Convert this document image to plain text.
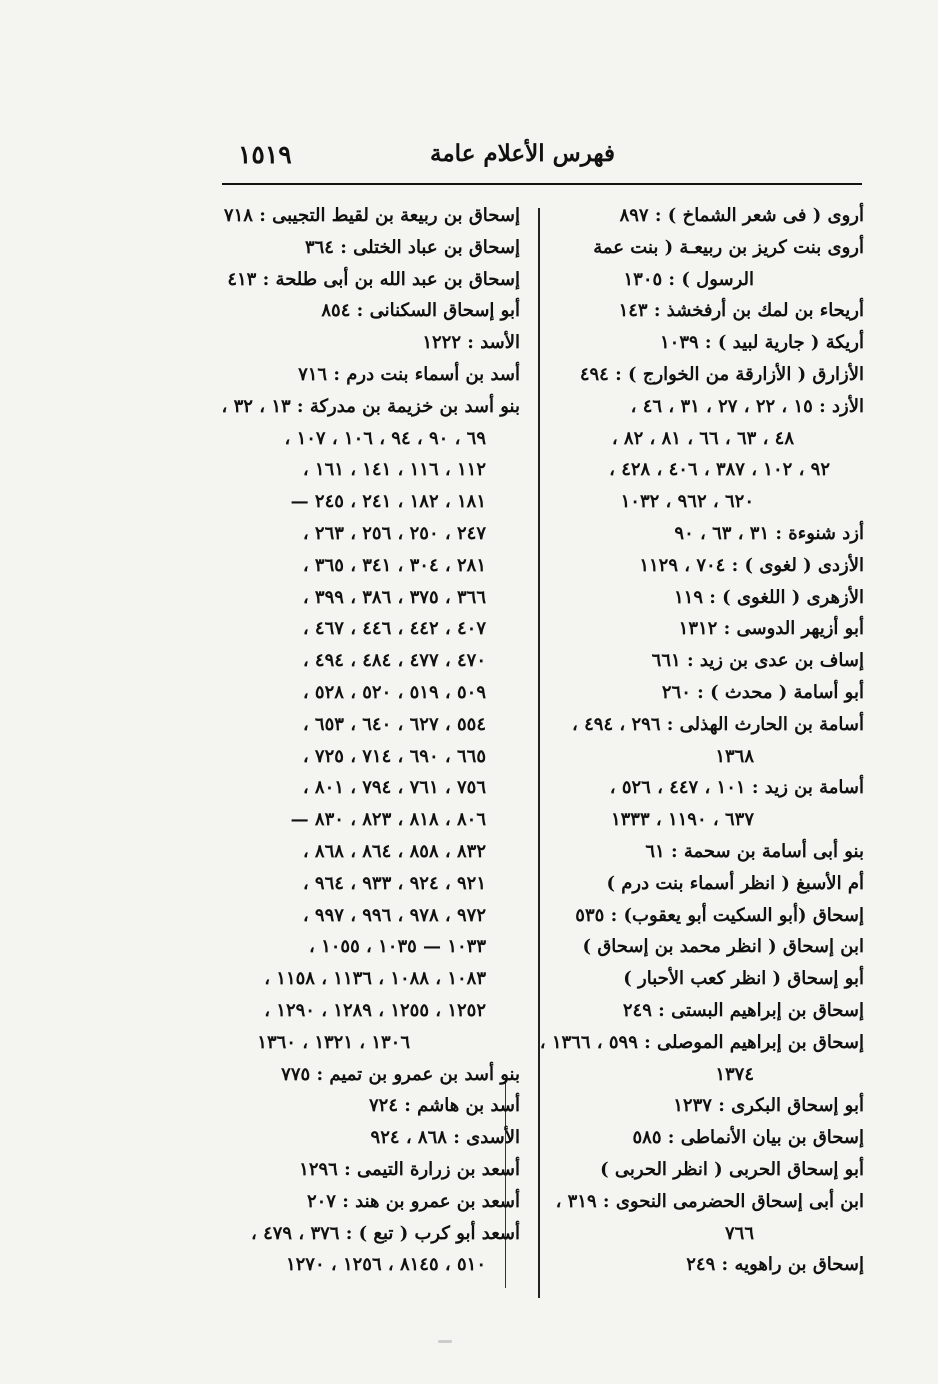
فهرس الأعلام عامة
١٥١٩
أروى ( فى شعر الشماخ ) : ٨٩٧
أروى بنت كريز بن ربيعـة ( بنت عمة
الرسول ) : ١٣٠٥
أريحاء بن لمك بن أرفخشذ : ١٤٣
أريكة ( جارية لبيد ) : ١٠٣٩
الأزارق ( الأزارقة من الخوارج ) : ٤٩٤
الأزد : ١٥ ، ٢٢ ، ٢٧ ، ٣١ ، ٤٦ ،
٤٨ ، ٦٣ ، ٦٦ ، ٨١ ، ٨٢ ،
٩٢ ، ١٠٢ ، ٣٨٧ ، ٤٠٦ ، ٤٢٨ ،
٦٢٠ ، ٩٦٢ ، ١٠٣٢
أزد شنوءة : ٣١ ، ٦٣ ، ٩٠
الأزدى ( لغوى ) : ٧٠٤ ، ١١٢٩
الأزهرى ( اللغوى ) : ١١٩
أبو أزيهر الدوسى : ١٣١٢
إساف بن عدى بن زيد : ٦٦١
أبو أسامة ( محدث ) : ٢٦٠
أسامة بن الحارث الهذلى : ٢٩٦ ، ٤٩٤ ،
١٣٦٨
أسامة بن زيد : ١٠١ ، ٤٤٧ ، ٥٢٦ ،
٦٣٧ ، ١١٩٠ ، ١٣٣٣
بنو أبى أسامة بن سحمة : ٦١
أم الأسبغ ( انظر أسماء بنت درم )
إسحاق (أبو السكيت أبو يعقوب) : ٥٣٥
ابن إسحاق ( انظر محمد بن إسحاق )
أبو إسحاق ( انظر كعب الأحبار )
إسحاق بن إبراهيم البستى : ٢٤٩
إسحاق بن إبراهيم الموصلى : ٥٩٩ ، ١٣٦٦ ،
١٣٧٤
أبو إسحاق البكرى : ١٢٣٧
إسحاق بن بيان الأنماطى : ٥٨٥
أبو إسحاق الحربى ( انظر الحربى )
ابن أبى إسحاق الحضرمى النحوى : ٣١٩ ،
٧٦٦
إسحاق بن راهويه : ٢٤٩
إسحاق بن ربيعة بن لقيط التجيبى : ٧١٨
إسحاق بن عباد الختلى : ٣٦٤
إسحاق بن عبد الله بن أبى طلحة : ٤١٣
أبو إسحاق السكنانى : ٨٥٤
الأسد : ١٢٢٢
أسد بن أسماء بنت درم : ٧١٦
بنو أسد بن خزيمة بن مدركة : ١٣ ، ٣٢ ،
٦٩ ، ٩٠ ، ٩٤ ، ١٠٦ ، ١٠٧ ،
١١٢ ، ١١٦ ، ١٤١ ، ١٦١ ،
١٨١ ، ١٨٢ ، ٢٤١ ، ٢٤٥ —
٢٤٧ ، ٢٥٠ ، ٢٥٦ ، ٢٦٣ ،
٢٨١ ، ٣٠٤ ، ٣٤١ ، ٣٦٥ ،
٣٦٦ ، ٣٧٥ ، ٣٨٦ ، ٣٩٩ ،
٤٠٧ ، ٤٤٢ ، ٤٤٦ ، ٤٦٧ ،
٤٧٠ ، ٤٧٧ ، ٤٨٤ ، ٤٩٤ ،
٥٠٩ ، ٥١٩ ، ٥٢٠ ، ٥٢٨ ،
٥٥٤ ، ٦٢٧ ، ٦٤٠ ، ٦٥٣ ،
٦٦٥ ، ٦٩٠ ، ٧١٤ ، ٧٢٥ ،
٧٥٦ ، ٧٦١ ، ٧٩٤ ، ٨٠١ ،
٨٠٦ ، ٨١٨ ، ٨٢٣ ، ٨٣٠ —
٨٣٢ ، ٨٥٨ ، ٨٦٤ ، ٨٦٨ ،
٩٢١ ، ٩٢٤ ، ٩٣٣ ، ٩٦٤ ،
٩٧٢ ، ٩٧٨ ، ٩٩٦ ، ٩٩٧ ،
١٠٣٣ — ١٠٣٥ ، ١٠٥٥ ،
١٠٨٣ ، ١٠٨٨ ، ١١٣٦ ، ١١٥٨ ،
١٢٥٢ ، ١٢٥٥ ، ١٢٨٩ ، ١٢٩٠ ،
١٣٠٦ ، ١٣٢١ ، ١٣٦٠
بنو أسد بن عمرو بن تميم : ٧٧٥
أسد بن هاشم : ٧٢٤
الأسدى : ٨٦٨ ، ٩٢٤
أسعد بن زرارة التيمى : ١٢٩٦
أسعد بن عمرو بن هند : ٢٠٧
أسعد أبو كرب ( تبع ) : ٣٧٦ ، ٤٧٩ ،
٥١٠ ، ٨١٤٥ ، ١٢٥٦ ، ١٢٧٠
